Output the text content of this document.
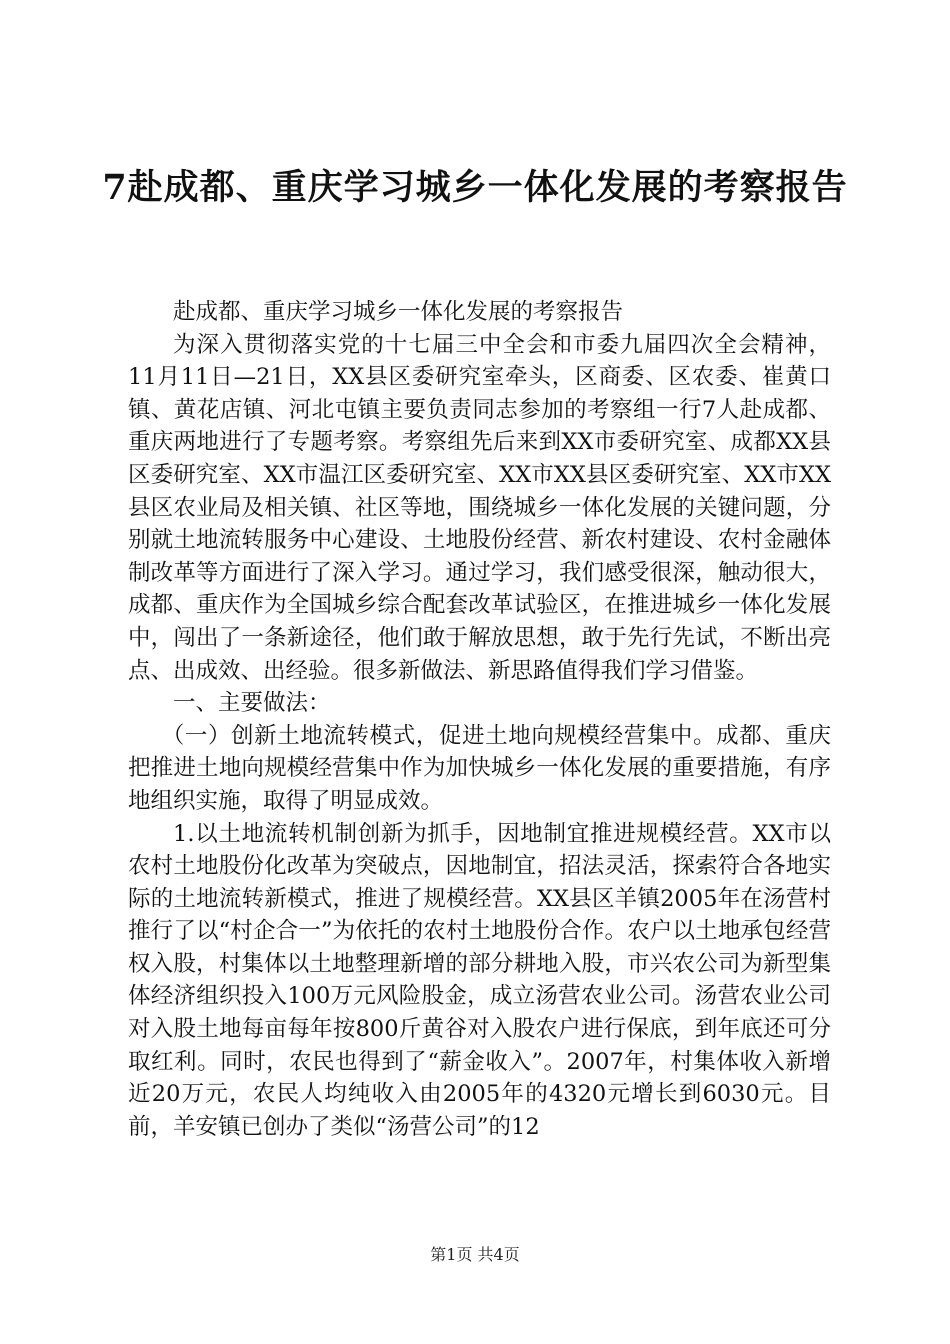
7赴成都、重庆学习城乡一体化发展的考察报告

赴成都、重庆学习城乡一体化发展的考察报告

为深入贯彻落实党的十七届三中全会和市委九届四次全会精神，11月11日—21日，XX县区委研究室牵头，区商委、区农委、崔黄口镇、黄花店镇、河北屯镇主要负责同志参加的考察组一行7人赴成都、重庆两地进行了专题考察。考察组先后来到XX市委研究室、成都XX县区委研究室、XX市温江区委研究室、XX市XX县区委研究室、XX市XX县区农业局及相关镇、社区等地，围绕城乡一体化发展的关键问题，分别就土地流转服务中心建设、土地股份经营、新农村建设、农村金融体制改革等方面进行了深入学习。通过学习，我们感受很深，触动很大，成都、重庆作为全国城乡综合配套改革试验区，在推进城乡一体化发展中，闯出了一条新途径，他们敢于解放思想，敢于先行先试，不断出亮点、出成效、出经验。很多新做法、新思路值得我们学习借鉴。

一、主要做法：

（一）创新土地流转模式，促进土地向规模经营集中。成都、重庆把推进土地向规模经营集中作为加快城乡一体化发展的重要措施，有序地组织实施，取得了明显成效。

1.以土地流转机制创新为抓手，因地制宜推进规模经营。XX市以农村土地股份化改革为突破点，因地制宜，招法灵活，探索符合各地实际的土地流转新模式，推进了规模经营。XX县区羊镇2005年在汤营村推行了以“村企合一”为依托的农村土地股份合作。农户以土地承包经营权入股，村集体以土地整理新增的部分耕地入股，市兴农公司为新型集体经济组织投入100万元风险股金，成立汤营农业公司。汤营农业公司对入股土地每亩每年按800斤黄谷对入股农户进行保底，到年底还可分取红利。同时，农民也得到了“薪金收入”。2007年，村集体收入新增近20万元，农民人均纯收入由2005年的4320元增长到6030元。目前，羊安镇已创办了类似“汤营公司”的12

第1页 共4页
